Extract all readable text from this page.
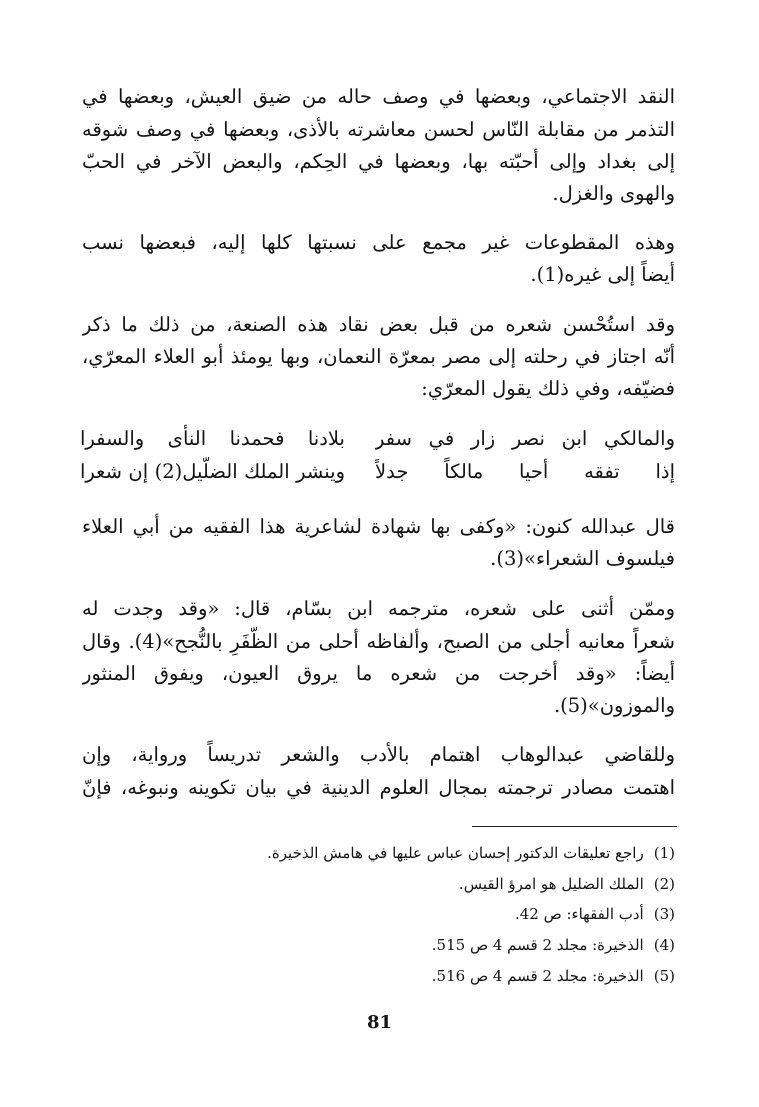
النقد الاجتماعي، وبعضها في وصف حاله من ضيق العيش، وبعضها في
التذمر من مقابلة النّاس لحسن معاشرته بالأذى، وبعضها في وصف شوقه
إلى بغداد وإلى أحبّته بها، وبعضها في الحِكم، والبعض الآخر في الحبّ
والهوى والغزل.
وهذه المقطوعات غير مجمع على نسبتها كلها إليه، فبعضها نسب
أيضاً إلى غيره(1).
وقد استُحْسن شعره من قبل بعض نقاد هذه الصنعة، من ذلك ما ذكر
أنّه اجتاز في رحلته إلى مصر بمعرّة النعمان، وبها يومئذ أبو العلاء المعرّي،
فضيّفه، وفي ذلك يقول المعرّي:
والمالكي ابن نصر زار في سفر
بلادنا فحمدنا النأى والسفرا
إذا تفقه أحيا مالكاً جدلاً
وينشر الملك الضلّيل(2) إن شعرا
قال عبدالله كنون: «وكفى بها شهادة لشاعرية هذا الفقيه من أبي العلاء
فيلسوف الشعراء»(3).
وممّن أثنى على شعره، مترجمه ابن بسّام، قال: «وقد وجدت له
شعراً معانيه أجلى من الصبح، وألفاظه أحلى من الظَّفَرِ بالنُّجح»(4). وقال
أيضاً: «وقد أخرجت من شعره ما يروق العيون، ويفوق المنثور
والموزون»(5).
وللقاضي عبدالوهاب اهتمام بالأدب والشعر تدريساً ورواية، وإن
اهتمت مصادر ترجمته بمجال العلوم الدينية في بيان تكوينه ونبوغه، فإنّ
(1)راجع تعليقات الدكتور إحسان عباس عليها في هامش الذخيرة.
(2)الملك الضليل هو امرؤ القيس.
(3)أدب الفقهاء: ص 42.
(4)الذخيرة: مجلد 2 قسم 4 ص 515.
(5)الذخيرة: مجلد 2 قسم 4 ص 516.
81
